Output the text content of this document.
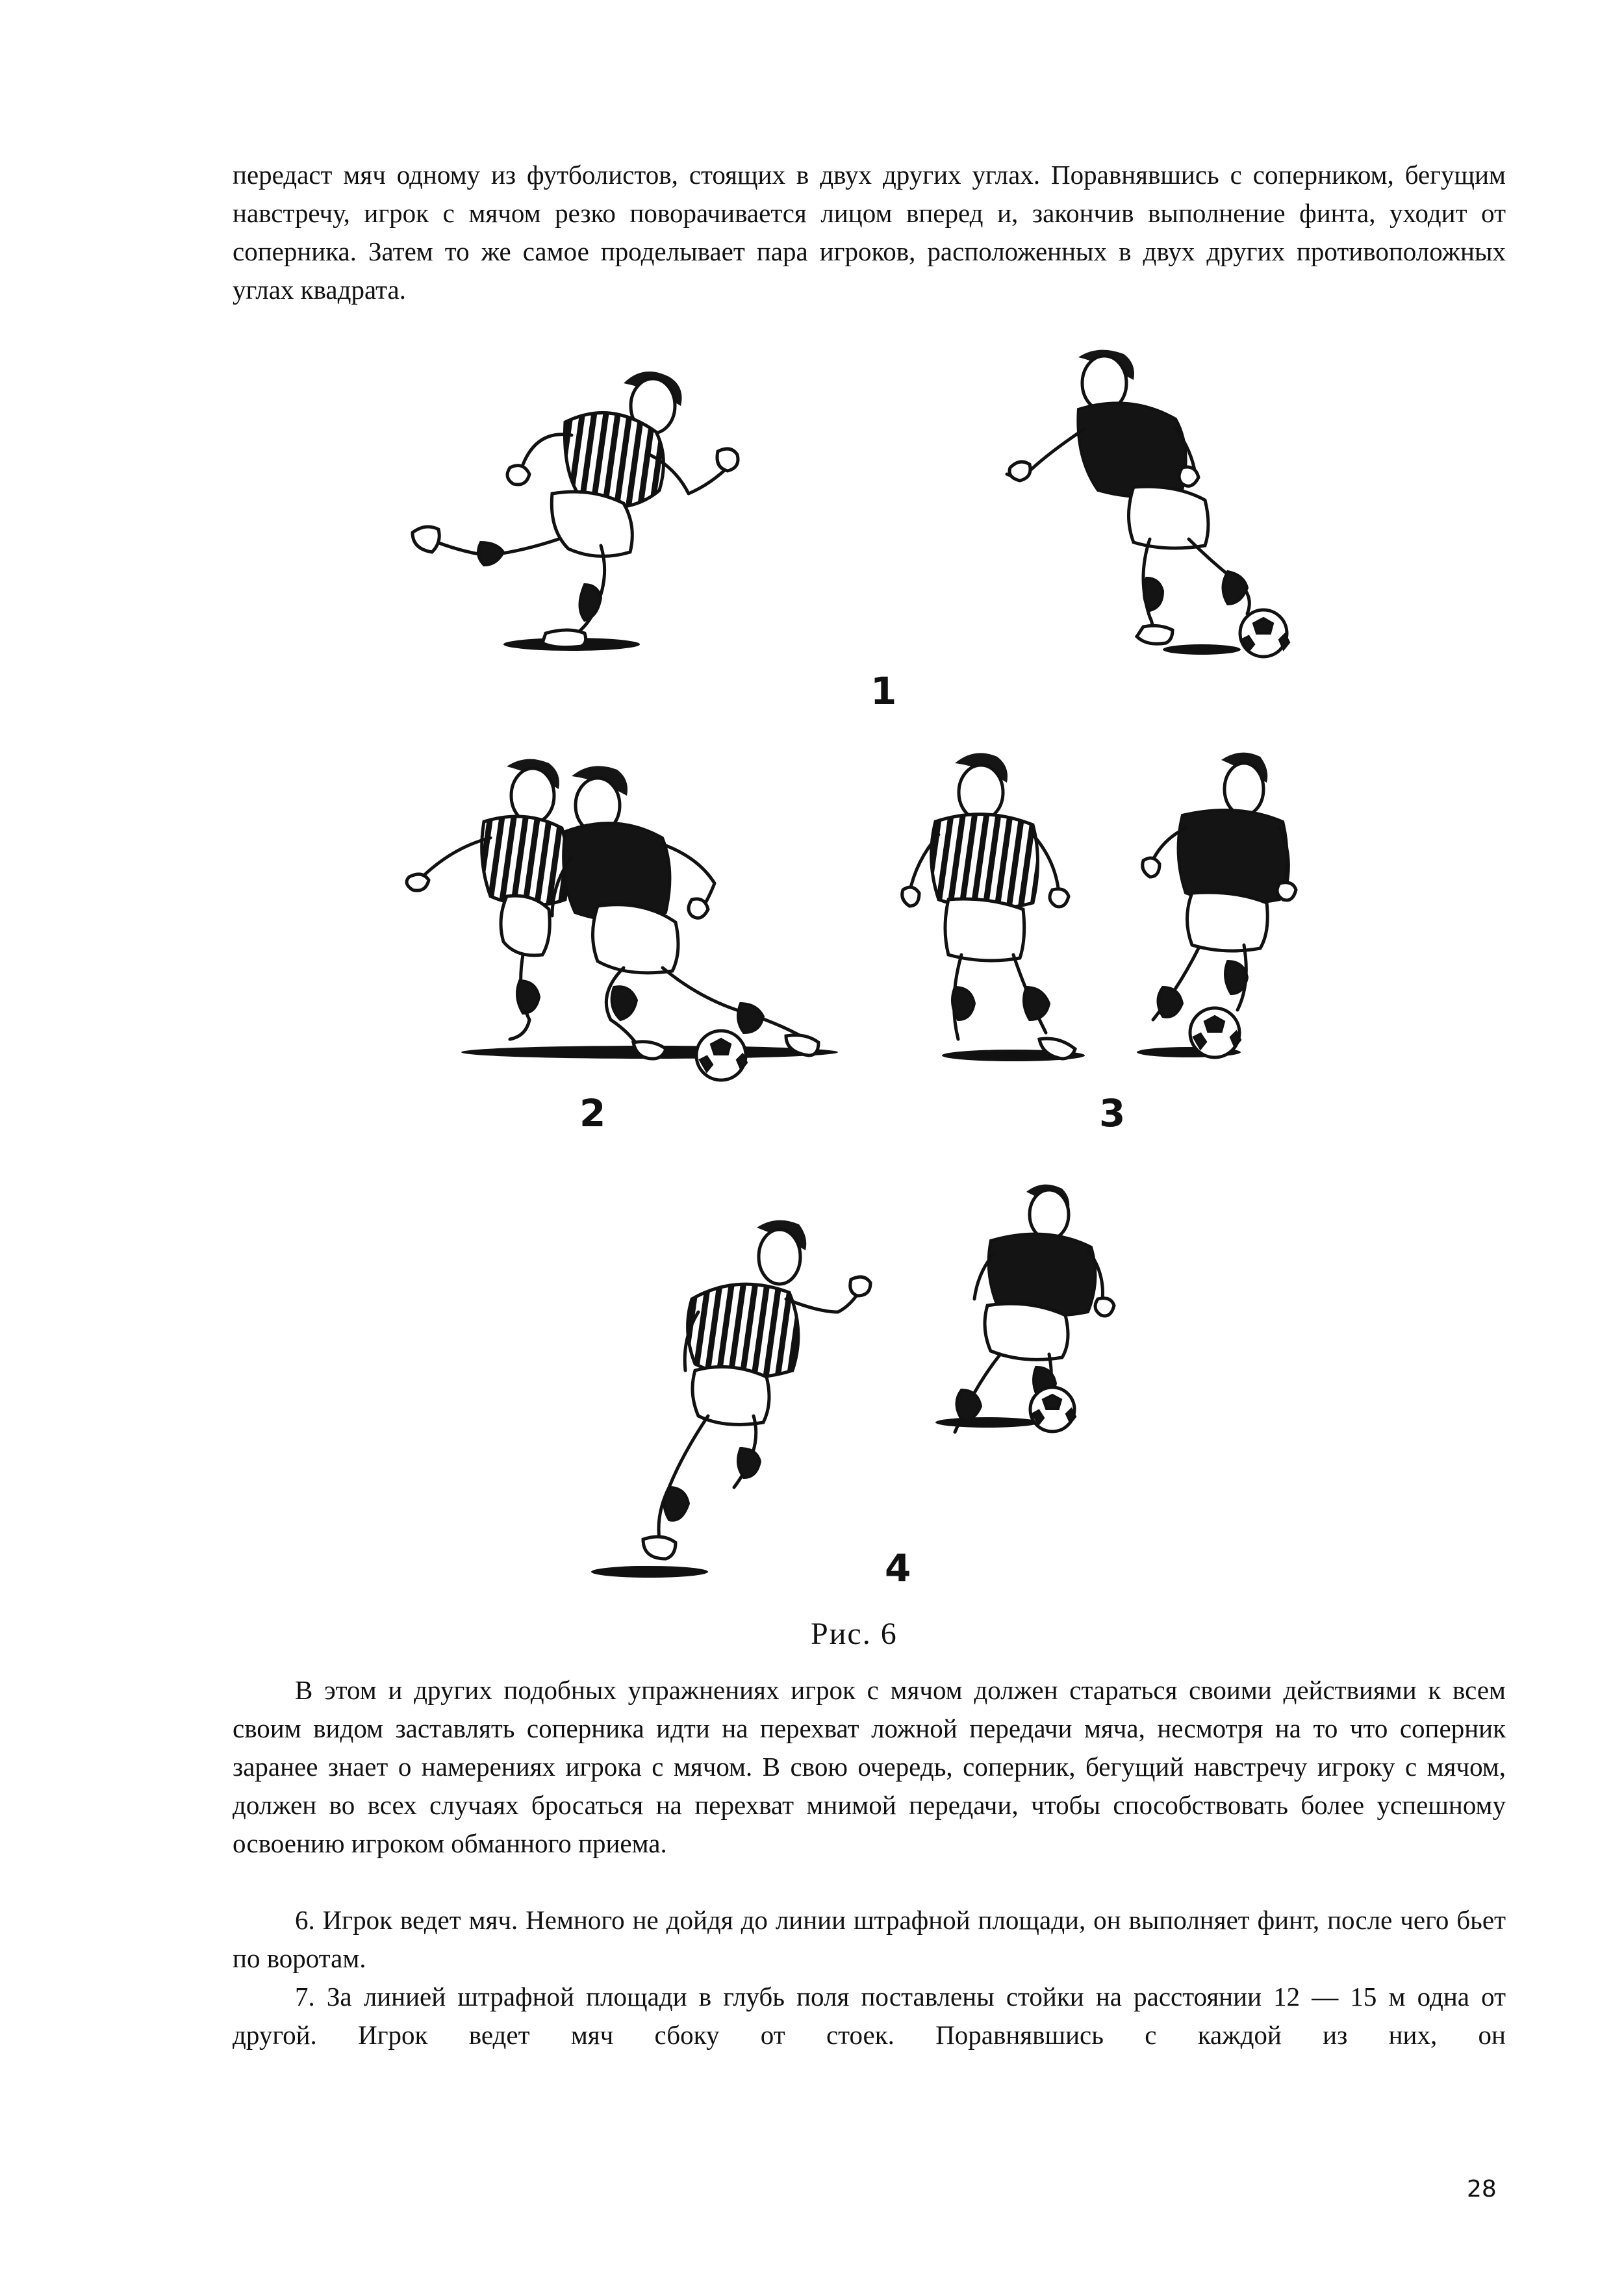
передаст мяч одному из футболистов, стоящих в двух других углах. Поравнявшись с соперником, бегущим навстречу, игрок с мячом резко поворачивается лицом вперед и, закончив выполнение финта, уходит от соперника. Затем то же самое проделывает пара игроков, расположенных в двух других противоположных углах квадрата.
1
2	3
4
Рис. 6
В этом и других подобных упражнениях игрок с мячом должен стараться своими действиями к всем своим видом заставлять соперника идти на перехват ложной передачи мяча, несмотря на то что соперник заранее знает о намерениях игрока с мячом. В свою очередь, соперник, бегущий навстречу игроку с мячом, должен во всех случаях бросаться на перехват мнимой передачи, чтобы способствовать более успешному освоению игроком обманного приема.
6. Игрок ведет мяч. Немного не дойдя до линии штрафной площади, он выполняет финт, после чего бьет по воротам.
7. За линией штрафной площади в глубь поля поставлены стойки на расстоянии 12 — 15 м одна от другой. Игрок ведет мяч сбоку от стоек. Поравнявшись с каждой из них, он
28
